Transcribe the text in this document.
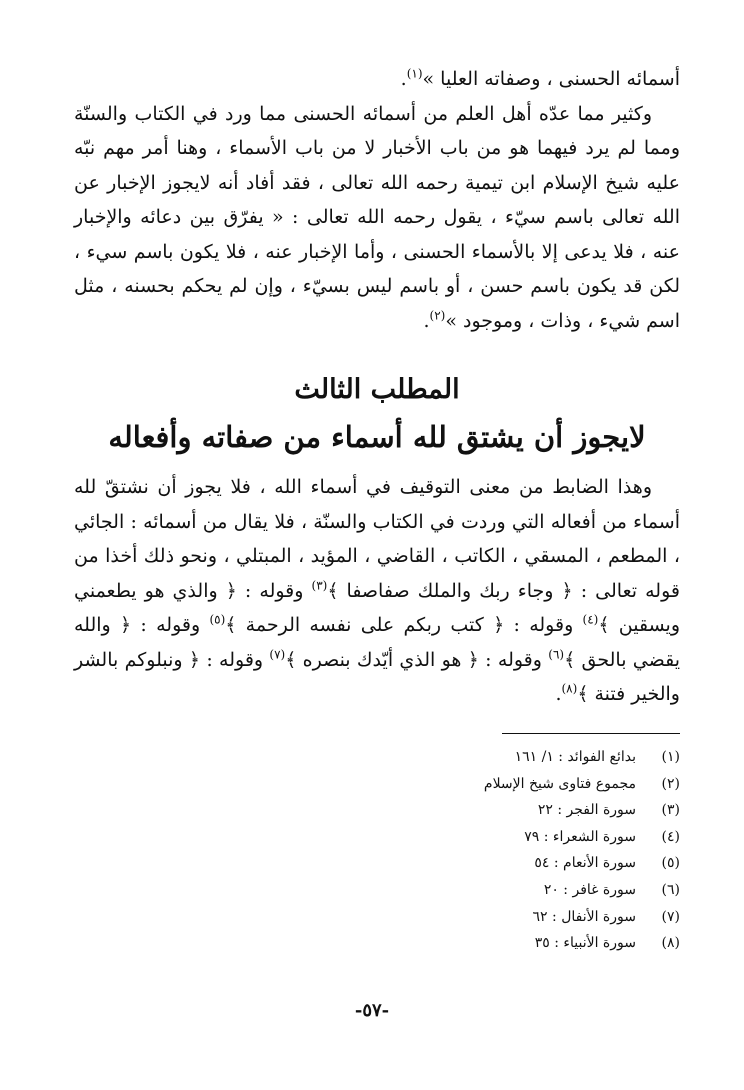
أسمائه الحسنى ، وصفاته العليا »$^{(١)}$.

وكثير مما عدّه أهل العلم من أسمائه الحسنى مما ورد في الكتاب والسنّة ومما لم يرد فيهما هو من باب الأخبار لا من باب الأسماء ، وهنا أمر مهم نبّه عليه شيخ الإسلام ابن تيمية رحمه الله تعالى ، فقد أفاد أنه لايجوز الإخبار عن الله تعالى باسم سيّء ، يقول رحمه الله تعالى : « يفرّق بين دعائه والإخبار عنه ، فلا يدعى إلا بالأسماء الحسنى ، وأما الإخبار عنه ، فلا يكون باسم سيء ، لكن قد يكون باسم حسن ، أو باسم ليس بسيّء ، وإن لم يحكم بحسنه ، مثل اسم شيء ، وذات ، وموجود »$^{(٢)}$.

المطلب الثالث

لايجوز أن يشتق لله أسماء من صفاته وأفعاله

وهذا الضابط من معنى التوقيف في أسماء الله ، فلا يجوز أن نشتقّ لله أسماء من أفعاله التي وردت في الكتاب والسنّة ، فلا يقال من أسمائه : الجائي ، المطعم ، المسقي ، الكاتب ، القاضي ، المؤيد ، المبتلي ، ونحو ذلك أخذا من قوله تعالى : ﴿ وجاء ربك والملك صفاصفا ﴾$^{(٣)}$ وقوله : ﴿ والذي هو يطعمني ويسقين ﴾$^{(٤)}$ وقوله : ﴿ كتب ربكم على نفسه الرحمة ﴾$^{(٥)}$ وقوله : ﴿ والله يقضي بالحق ﴾$^{(٦)}$ وقوله : ﴿ هو الذي أيّدك بنصره ﴾$^{(٧)}$ وقوله : ﴿ ونبلوكم بالشر والخير فتنة ﴾$^{(٨)}$.

(١)
بدائع الفوائد : ١/ ١٦١
(٢)
مجموع فتاوى شيخ الإسلام
(٣)
سورة الفجر : ٢٢
(٤)
سورة الشعراء : ٧٩
(٥)
سورة الأنعام : ٥٤
(٦)
سورة غافر : ٢٠
(٧)
سورة الأنفال : ٦٢
(٨)
سورة الأنبياء : ٣٥
-٥٧-
